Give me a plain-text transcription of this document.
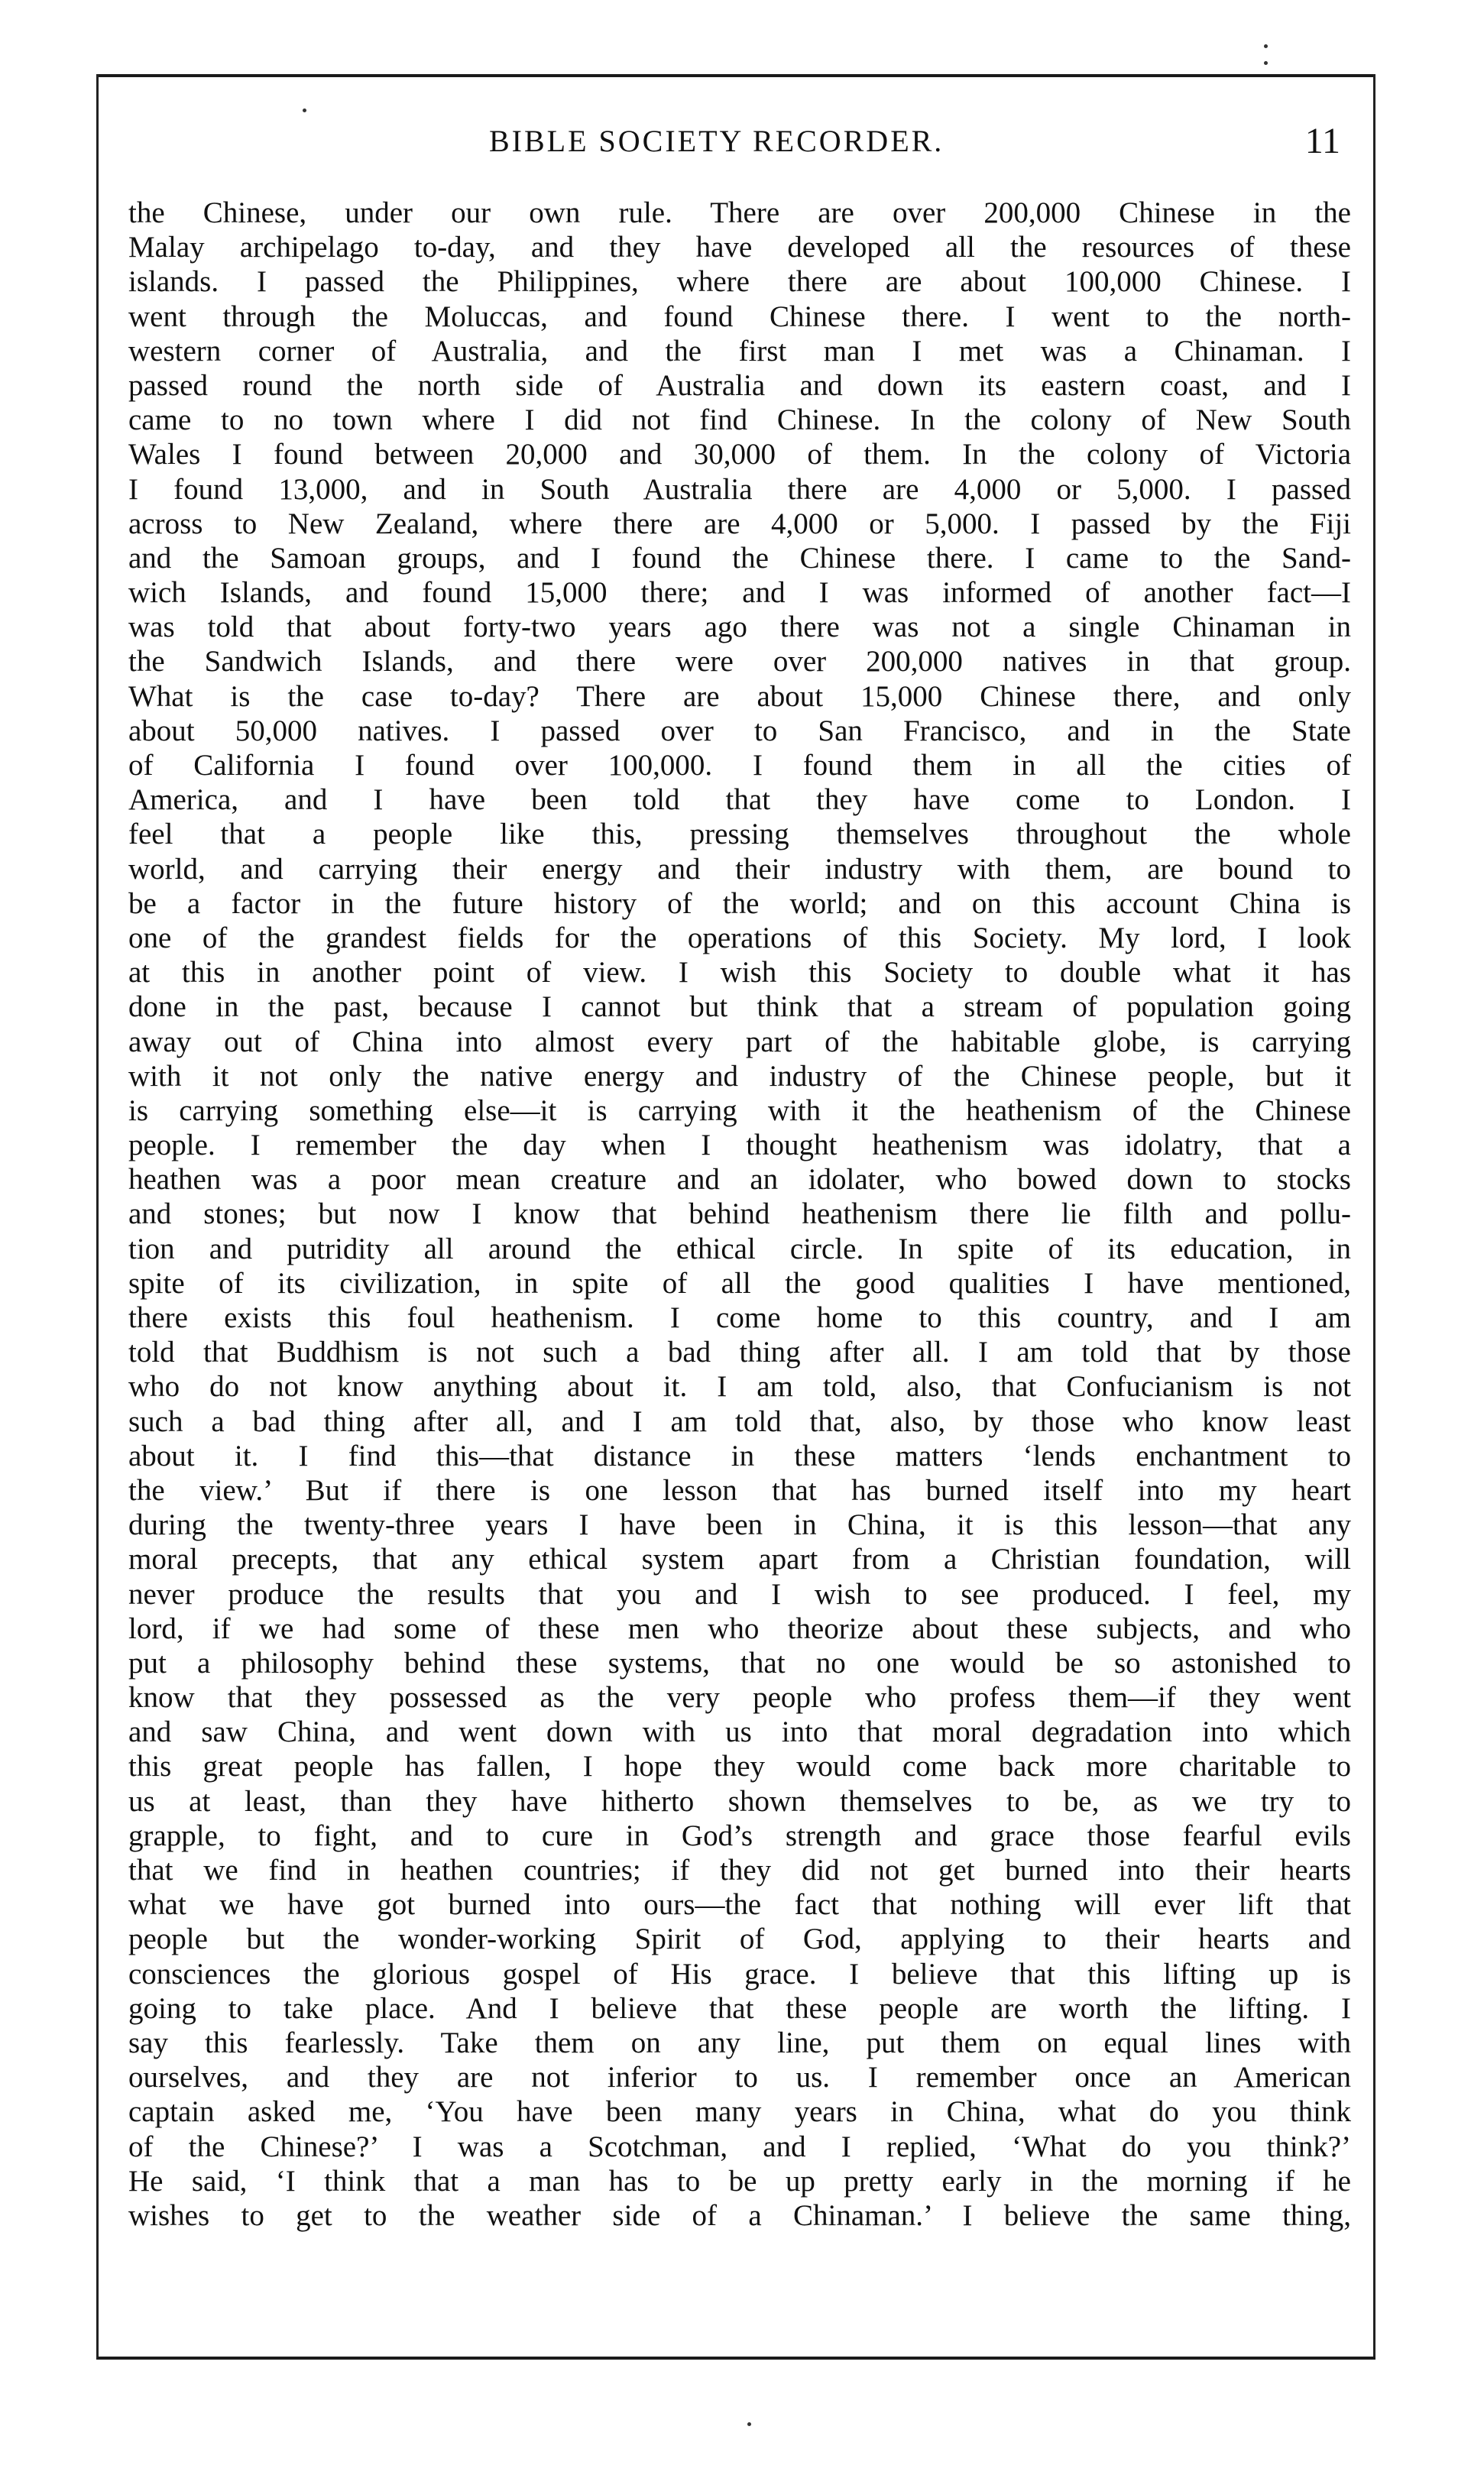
BIBLE SOCIETY RECORDER.	11
the Chinese, under our own rule. There are over 200,000 Chinese in the
Malay archipelago to-day, and they have developed all the resources of these
islands. I passed the Philippines, where there are about 100,000 Chinese. I
went through the Moluccas, and found Chinese there. I went to the north-
western corner of Australia, and the first man I met was a Chinaman. I
passed round the north side of Australia and down its eastern coast, and I
came to no town where I did not find Chinese. In the colony of New South
Wales I found between 20,000 and 30,000 of them. In the colony of Victoria
I found 13,000, and in South Australia there are 4,000 or 5,000. I passed
across to New Zealand, where there are 4,000 or 5,000. I passed by the Fiji
and the Samoan groups, and I found the Chinese there. I came to the Sand-
wich Islands, and found 15,000 there; and I was informed of another fact—I
was told that about forty-two years ago there was not a single Chinaman in
the Sandwich Islands, and there were over 200,000 natives in that group.
What is the case to-day? There are about 15,000 Chinese there, and only
about 50,000 natives. I passed over to San Francisco, and in the State
of California I found over 100,000. I found them in all the cities of
America, and I have been told that they have come to London. I
feel that a people like this, pressing themselves throughout the whole
world, and carrying their energy and their industry with them, are bound to
be a factor in the future history of the world; and on this account China is
one of the grandest fields for the operations of this Society. My lord, I look
at this in another point of view. I wish this Society to double what it has
done in the past, because I cannot but think that a stream of population going
away out of China into almost every part of the habitable globe, is carrying
with it not only the native energy and industry of the Chinese people, but it
is carrying something else—it is carrying with it the heathenism of the Chinese
people. I remember the day when I thought heathenism was idolatry, that a
heathen was a poor mean creature and an idolater, who bowed down to stocks
and stones; but now I know that behind heathenism there lie filth and pollu-
tion and putridity all around the ethical circle. In spite of its education, in
spite of its civilization, in spite of all the good qualities I have mentioned,
there exists this foul heathenism. I come home to this country, and I am
told that Buddhism is not such a bad thing after all. I am told that by those
who do not know anything about it. I am told, also, that Confucianism is not
such a bad thing after all, and I am told that, also, by those who know least
about it. I find this—that distance in these matters ‘lends enchantment to
the view.’ But if there is one lesson that has burned itself into my heart
during the twenty-three years I have been in China, it is this lesson—that any
moral precepts, that any ethical system apart from a Christian foundation, will
never produce the results that you and I wish to see produced. I feel, my
lord, if we had some of these men who theorize about these subjects, and who
put a philosophy behind these systems, that no one would be so astonished to
know that they possessed as the very people who profess them—if they went
and saw China, and went down with us into that moral degradation into which
this great people has fallen, I hope they would come back more charitable to
us at least, than they have hitherto shown themselves to be, as we try to
grapple, to fight, and to cure in God’s strength and grace those fearful evils
that we find in heathen countries; if they did not get burned into their hearts
what we have got burned into ours—the fact that nothing will ever lift that
people but the wonder-working Spirit of God, applying to their hearts and
consciences the glorious gospel of His grace. I believe that this lifting up is
going to take place. And I believe that these people are worth the lifting. I
say this fearlessly. Take them on any line, put them on equal lines with
ourselves, and they are not inferior to us. I remember once an American
captain asked me, ‘You have been many years in China, what do you think
of the Chinese?’ I was a Scotchman, and I replied, ‘What do you think?’
He said, ‘I think that a man has to be up pretty early in the morning if he
wishes to get to the weather side of a Chinaman.’ I believe the same thing,
